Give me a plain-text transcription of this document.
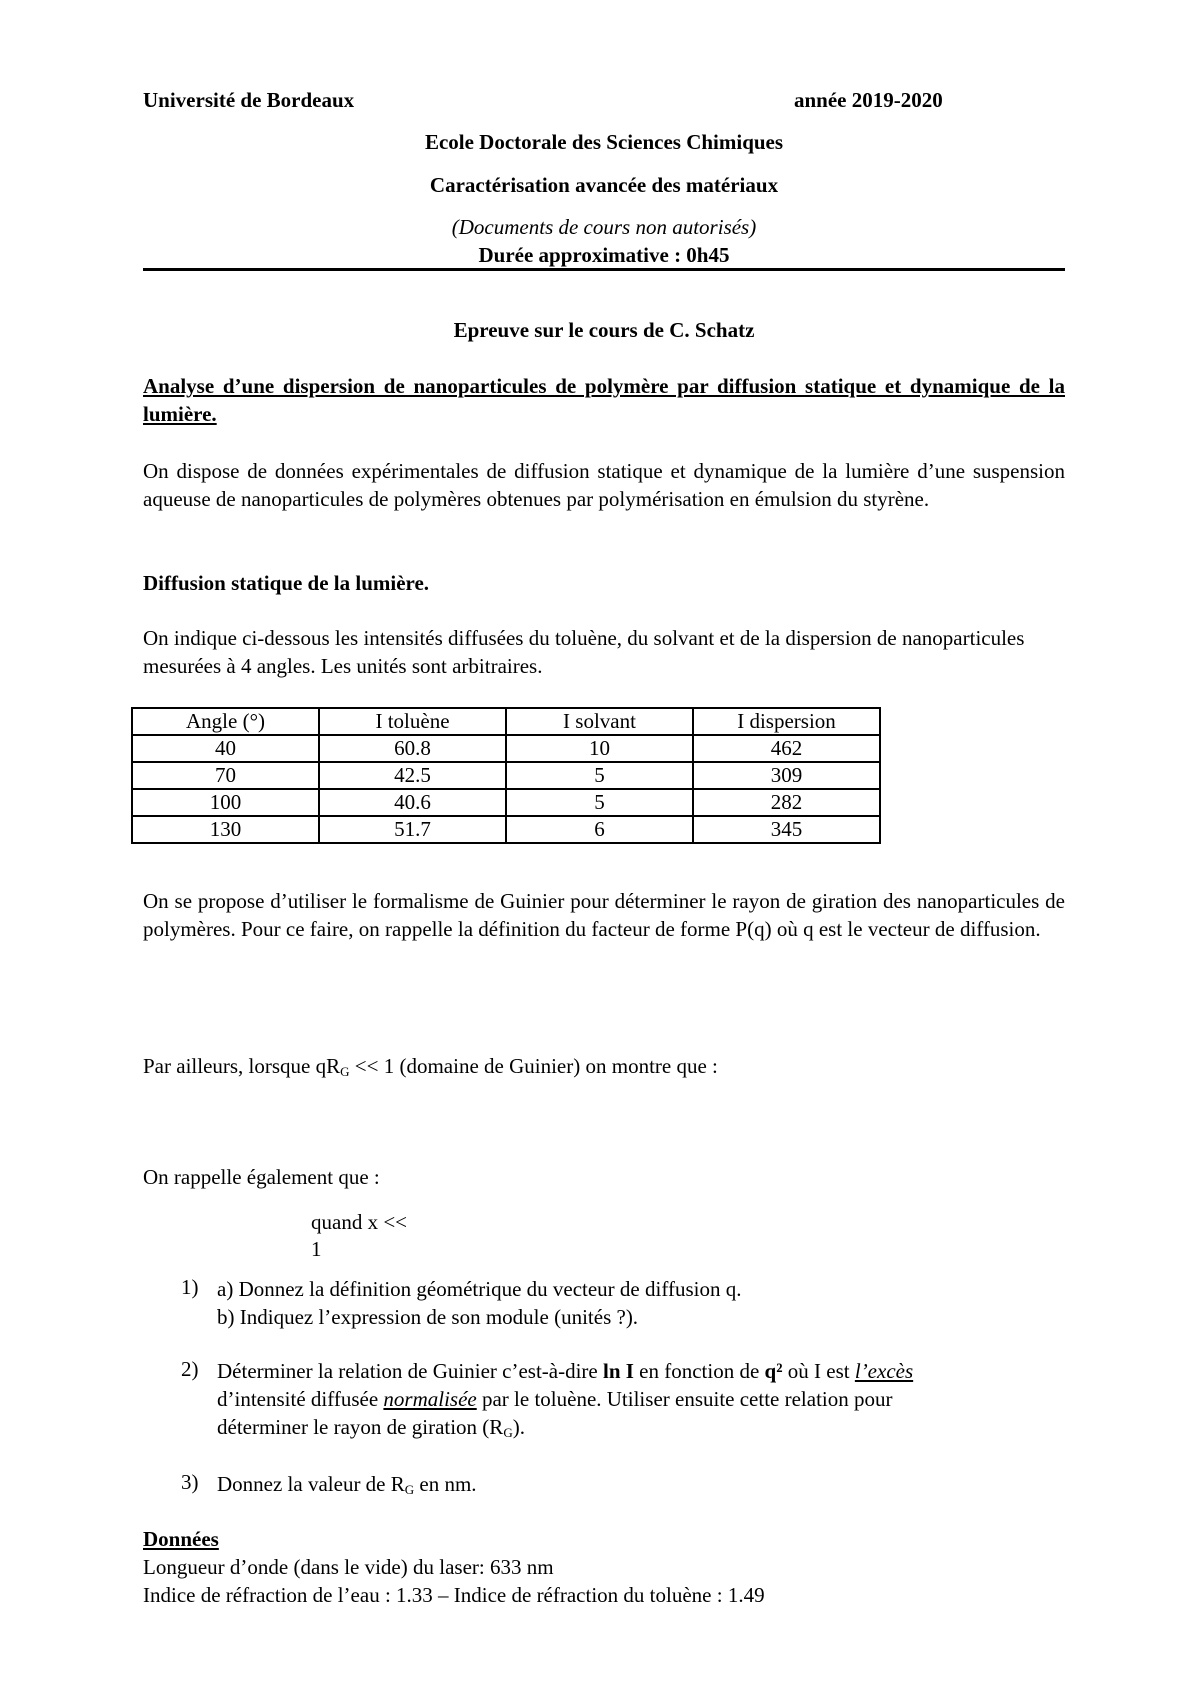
Université de Bordeaux	année 2019-2020
Ecole Doctorale des Sciences Chimiques
Caractérisation avancée des matériaux
(Documents de cours non autorisés)
Durée approximative : 0h45
Epreuve sur le cours de C. Schatz
Analyse d’une dispersion de nanoparticules de polymère par diffusion statique et dynamique de la lumière.
On dispose de données expérimentales de diffusion statique et dynamique de la lumière d’une suspension aqueuse de nanoparticules de polymères obtenues par polymérisation en émulsion du styrène.
Diffusion statique de la lumière.
On indique ci-dessous les intensités diffusées du toluène, du solvant et de la dispersion de nanoparticules mesurées à 4 angles. Les unités sont arbitraires.
Angle (°)	I toluène	I solvant	I dispersion
40	60.8	10	462
70	42.5	5	309
100	40.6	5	282
130	51.7	6	345
On se propose d’utiliser le formalisme de Guinier pour déterminer le rayon de giration des nanoparticules de polymères. Pour ce faire, on rappelle la définition du facteur de forme P(q) où q est le vecteur de diffusion.
Par ailleurs, lorsque qRG << 1 (domaine de Guinier) on montre que :
On rappelle également que :
quand x <<
1
1) a) Donnez la définition géométrique du vecteur de diffusion q.
b) Indiquez l’expression de son module (unités ?).
2) Déterminer la relation de Guinier c’est-à-dire ln I en fonction de q² où I est l’excès
d’intensité diffusée normalisée par le toluène. Utiliser ensuite cette relation pour
déterminer le rayon de giration (RG).
3) Donnez la valeur de RG en nm.
Données
Longueur d’onde (dans le vide) du laser: 633 nm
Indice de réfraction de l’eau : 1.33 – Indice de réfraction du toluène : 1.49
